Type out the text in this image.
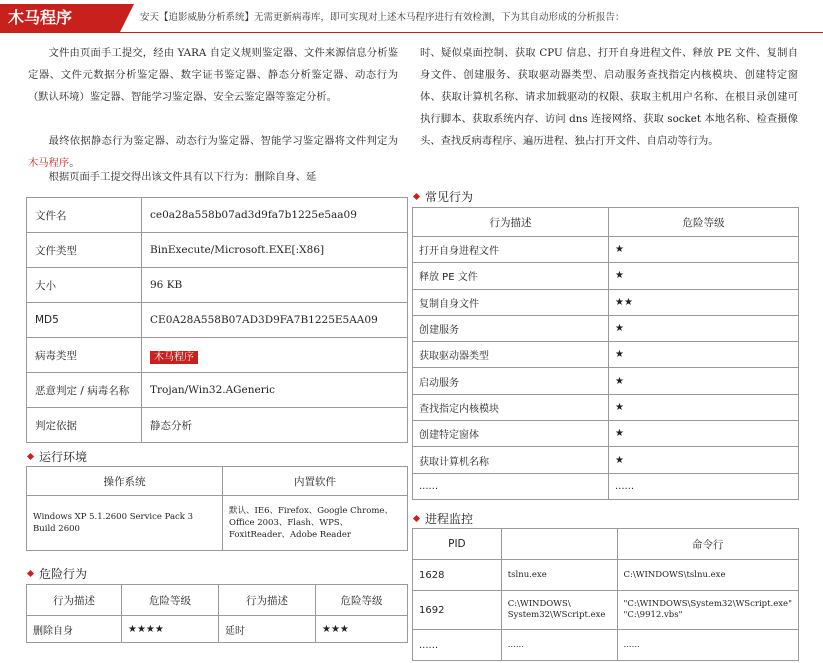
木马程序	安天【追影威胁分析系统】无需更新病毒库，即可实现对上述木马程序进行有效检测，下为其自动形成的分析报告：

文件由页面手工提交，经由 YARA 自定义规则鉴定器、文件来源信息分析鉴定器、文件元数据分析鉴定器、数字证书鉴定器、静态分析鉴定器、动态行为（默认环境）鉴定器、智能学习鉴定器、安全云鉴定器等鉴定分析。

最终依据静态行为鉴定器、动态行为鉴定器、智能学习鉴定器将文件判定为木马程序。

根据页面手工提交得出该文件具有以下行为：删除自身、延

时、疑似桌面控制、获取 CPU 信息、打开自身进程文件、释放 PE 文件、复制自身文件、创建服务、获取驱动器类型、启动服务查找指定内核模块、创建特定窗体、获取计算机名称、请求加载驱动的权限、获取主机用户名称、在根目录创建可执行脚本、获取系统内存、访问 dns 连接网络、获取 socket 本地名称、检查摄像头、查找反病毒程序、遍历进程、独占打开文件、自启动等行为。

文件名	ce0a28a558b07ad3d9fa7b1225e5aa09
文件类型	BinExecute/Microsoft.EXE[:X86]
大小	96 KB
MD5	CE0A28A558B07AD3D9FA7B1225E5AA09
病毒类型	木马程序
恶意判定 / 病毒名称	Trojan/Win32.AGeneric
判定依据	静态分析
运行环境
操作系统	内置软件
Windows XP 5.1.2600 Service Pack 3 Build 2600	默认、IE6、Firefox、Google Chrome、Office 2003、Flash、WPS、FoxitReader、Adobe Reader
危险行为
行为描述	危险等级	行为描述	危险等级
删除自身	★★★★	延时	★★★
常见行为
行为描述	危险等级
打开自身进程文件	★
释放 PE 文件	★
复制自身文件	★★
创建服务	★
获取驱动器类型	★
启动服务	★
查找指定内核模块	★
创建特定窗体	★
获取计算机名称	★
......	......
进程监控
PID		命令行
1628	tslnu.exe	C:\WINDOWS\tslnu.exe
1692	C:\WINDOWS\ System32\WScript.exe	"C:\WINDOWS\System32\WScript.exe" "C:\9912.vbs"
......	......	......
